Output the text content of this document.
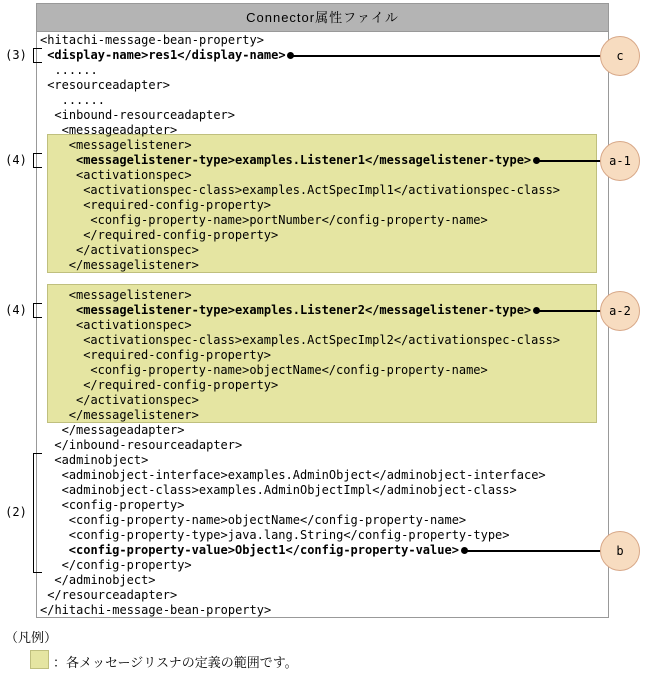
Connector属性ファイル
<hitachi-message-bean-property>
<display-name>res1</display-name>
......
<resourceadapter>
......
<inbound-resourceadapter>
<messageadapter>
<messagelistener>
<messagelistener-type>examples.Listener1</messagelistener-type>
<activationspec>
<activationspec-class>examples.ActSpecImpl1</activationspec-class>
<required-config-property>
<config-property-name>portNumber</config-property-name>
</required-config-property>
</activationspec>
</messagelistener>
<messagelistener>
<messagelistener-type>examples.Listener2</messagelistener-type>
<activationspec>
<activationspec-class>examples.ActSpecImpl2</activationspec-class>
<required-config-property>
<config-property-name>objectName</config-property-name>
</required-config-property>
</activationspec>
</messagelistener>
</messageadapter>
</inbound-resourceadapter>
<adminobject>
<adminobject-interface>examples.AdminObject</adminobject-interface>
<adminobject-class>examples.AdminObjectImpl</adminobject-class>
<config-property>
<config-property-name>objectName</config-property-name>
<config-property-type>java.lang.String</config-property-type>
<config-property-value>Object1</config-property-value>
</config-property>
</adminobject>
</resourceadapter>
</hitachi-message-bean-property>
（凡例）
：各メッセージリスナの定義の範囲です。
c
a-1
a-2
b
(3)
(4)
(4)
(2)
